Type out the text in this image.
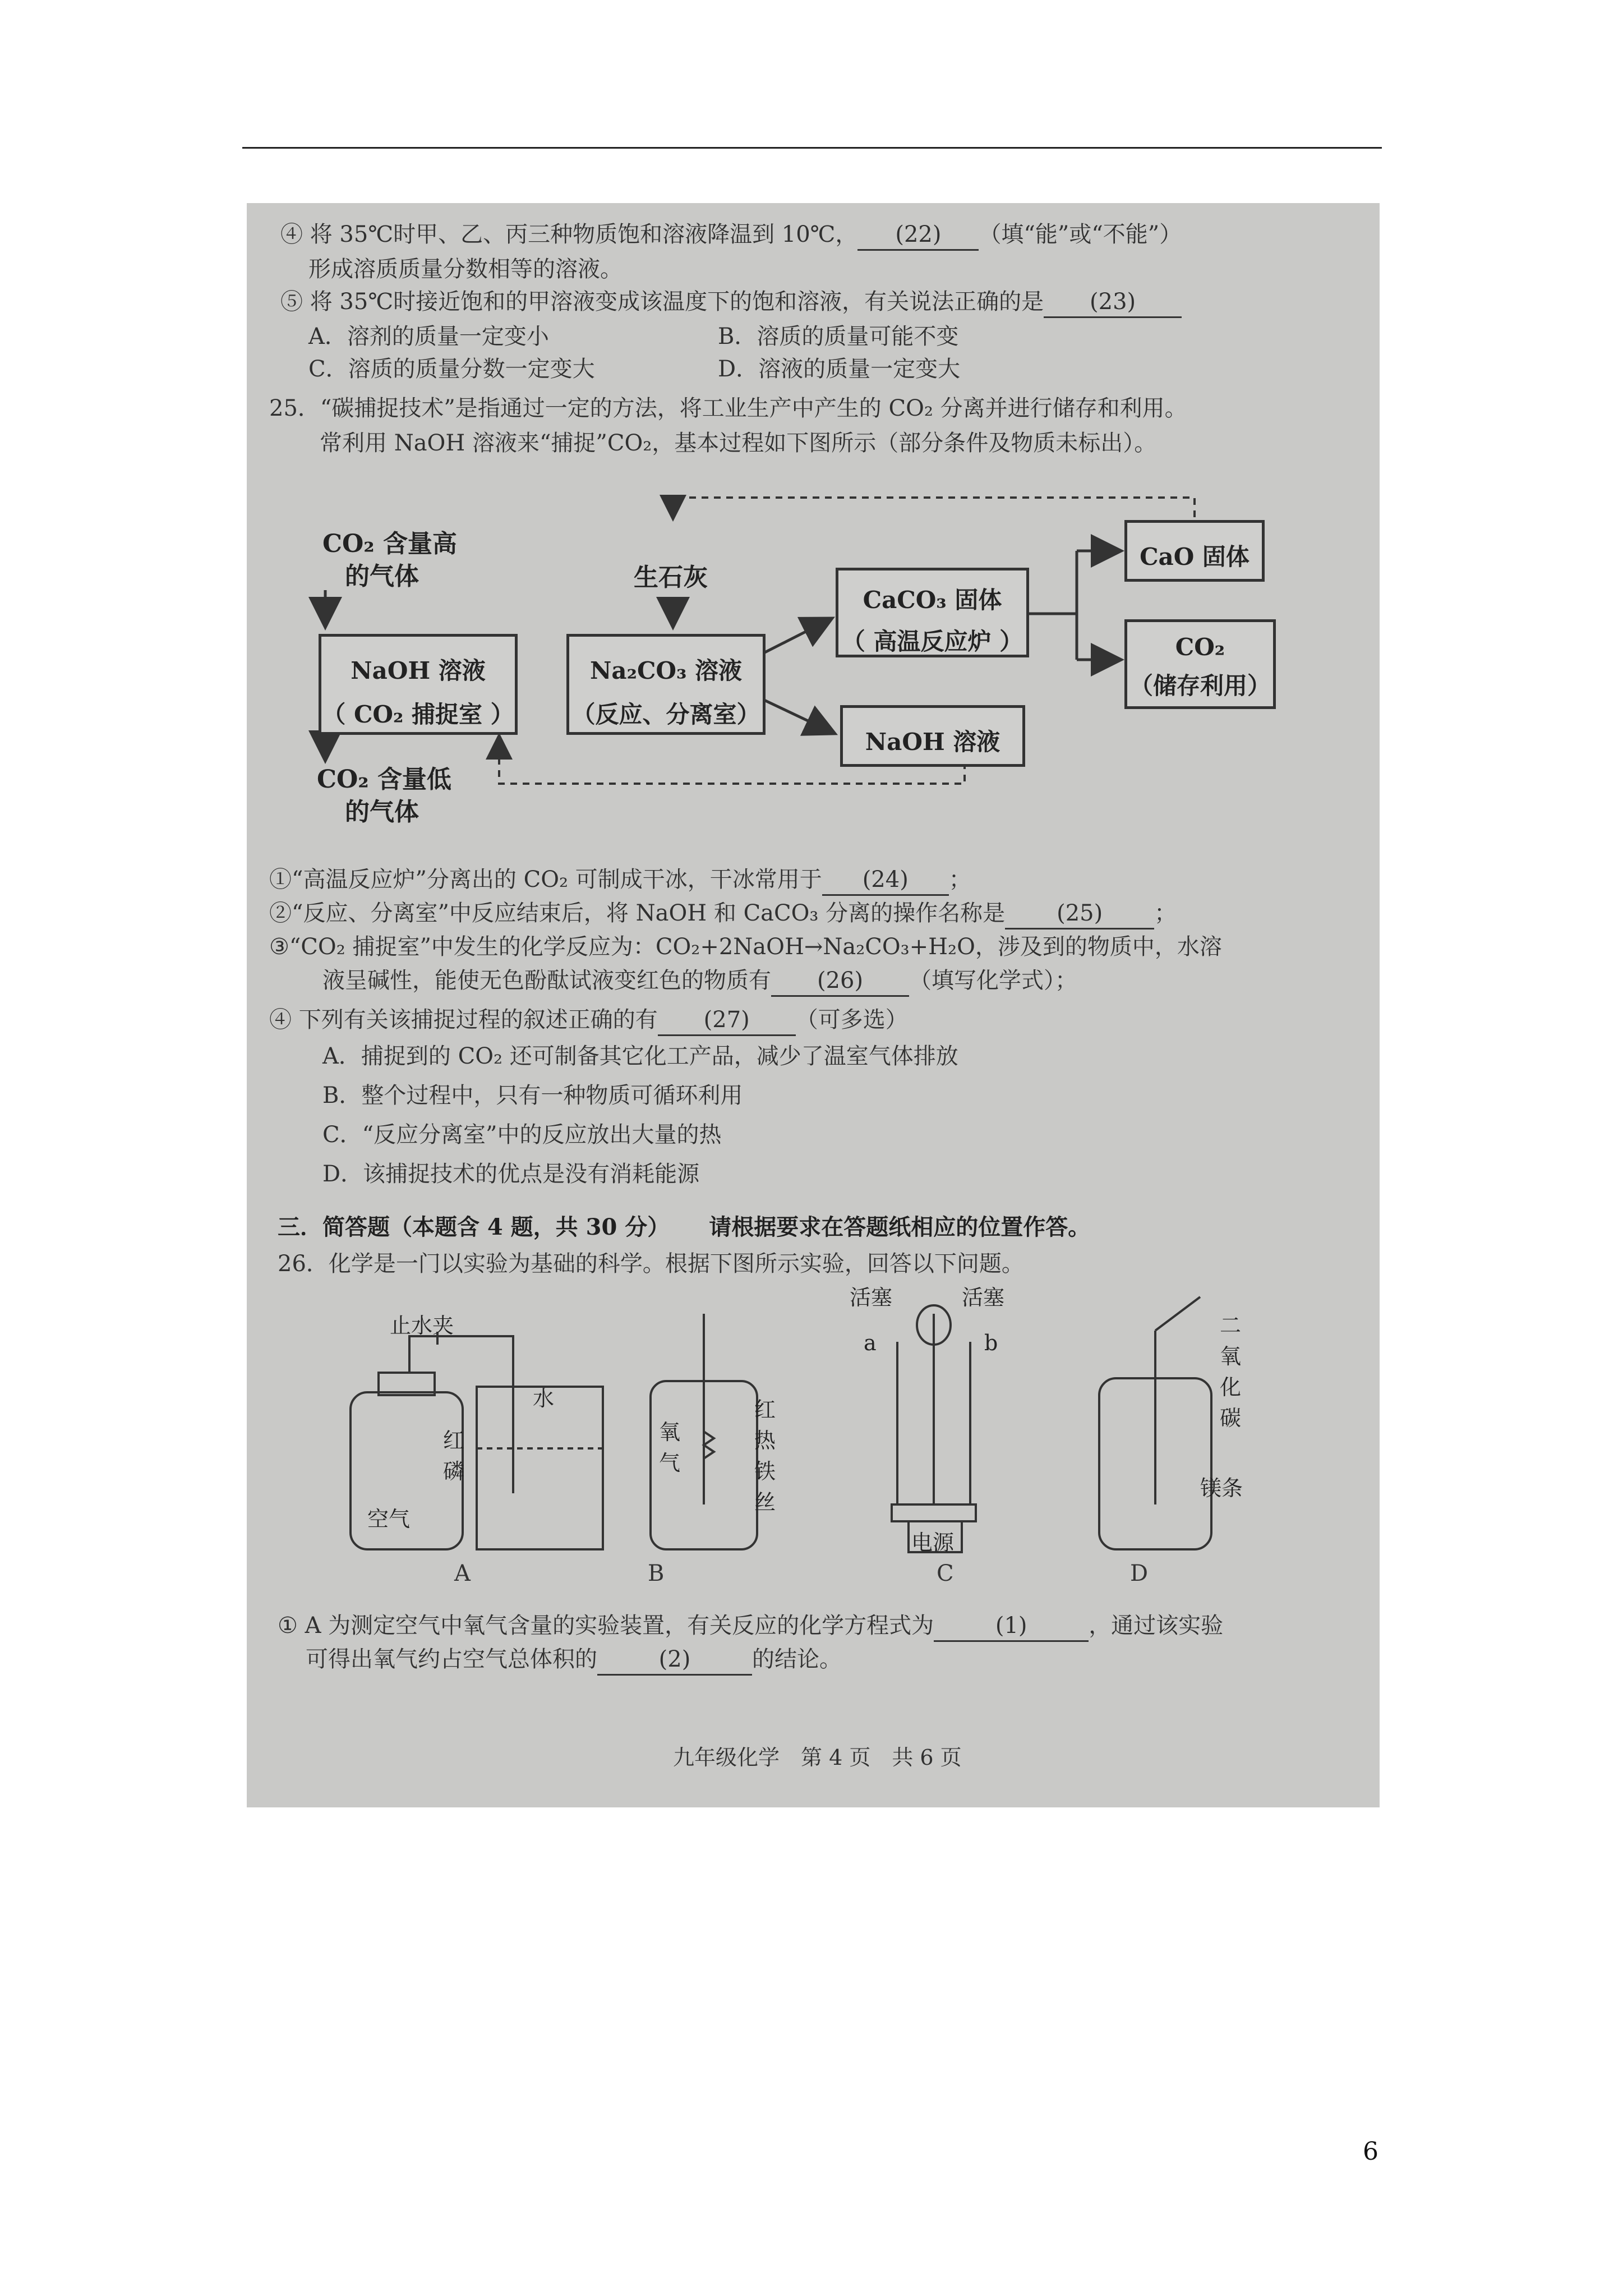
④ 将 35℃时甲、乙、丙三种物质饱和溶液降温到 10℃， (22) （填“能”或“不能”）
形成溶质质量分数相等的溶液。
⑤ 将 35℃时接近饱和的甲溶液变成该温度下的饱和溶液，有关说法正确的是 (23)
A．溶剂的质量一定变小	B．溶质的质量可能不变
C．溶质的质量分数一定变大	D．溶液的质量一定变大
25．“碳捕捉技术”是指通过一定的方法，将工业生产中产生的 CO₂ 分离并进行储存和利用。
常利用 NaOH 溶液来“捕捉”CO₂，基本过程如下图所示（部分条件及物质未标出）。
CO₂ 含量高
的气体
NaOH 溶液
（ CO₂ 捕捉室 ）
CO₂ 含量低
的气体
生石灰
Na₂CO₃ 溶液
（反应、分离室）
CaCO₃ 固体
（ 高温反应炉 ）
NaOH 溶液
CaO 固体
CO₂
（储存利用）
①“高温反应炉”分离出的 CO₂ 可制成干冰，干冰常用于 (24) ；
②“反应、分离室”中反应结束后，将 NaOH 和 CaCO₃ 分离的操作名称是 (25) ；
③“CO₂ 捕捉室”中发生的化学反应为：CO₂+2NaOH→Na₂CO₃+H₂O，涉及到的物质中，水溶
液呈碱性，能使无色酚酞试液变红色的物质有 (26) （填写化学式）；
④ 下列有关该捕捉过程的叙述正确的有 (27) （可多选）
A．捕捉到的 CO₂ 还可制备其它化工产品，减少了温室气体排放
B．整个过程中，只有一种物质可循环利用
C．“反应分离室”中的反应放出大量的热
D．该捕捉技术的优点是没有消耗能源
三．简答题（本题含 4 题，共 30 分） 请根据要求在答题纸相应的位置作答。
26．化学是一门以实验为基础的科学。根据下图所示实验，回答以下问题。
止水夹
水
红磷
空气
氧气
红热铁丝
活塞	活塞
a	b
电源
二氧化碳
镁条
A	B	C	D
① A 为测定空气中氧气含量的实验装置，有关反应的化学方程式为	(1)	，通过该实验
可得出氧气约占空气总体积的	(2)	的结论。
九年级化学　第 4 页　共 6 页
6
